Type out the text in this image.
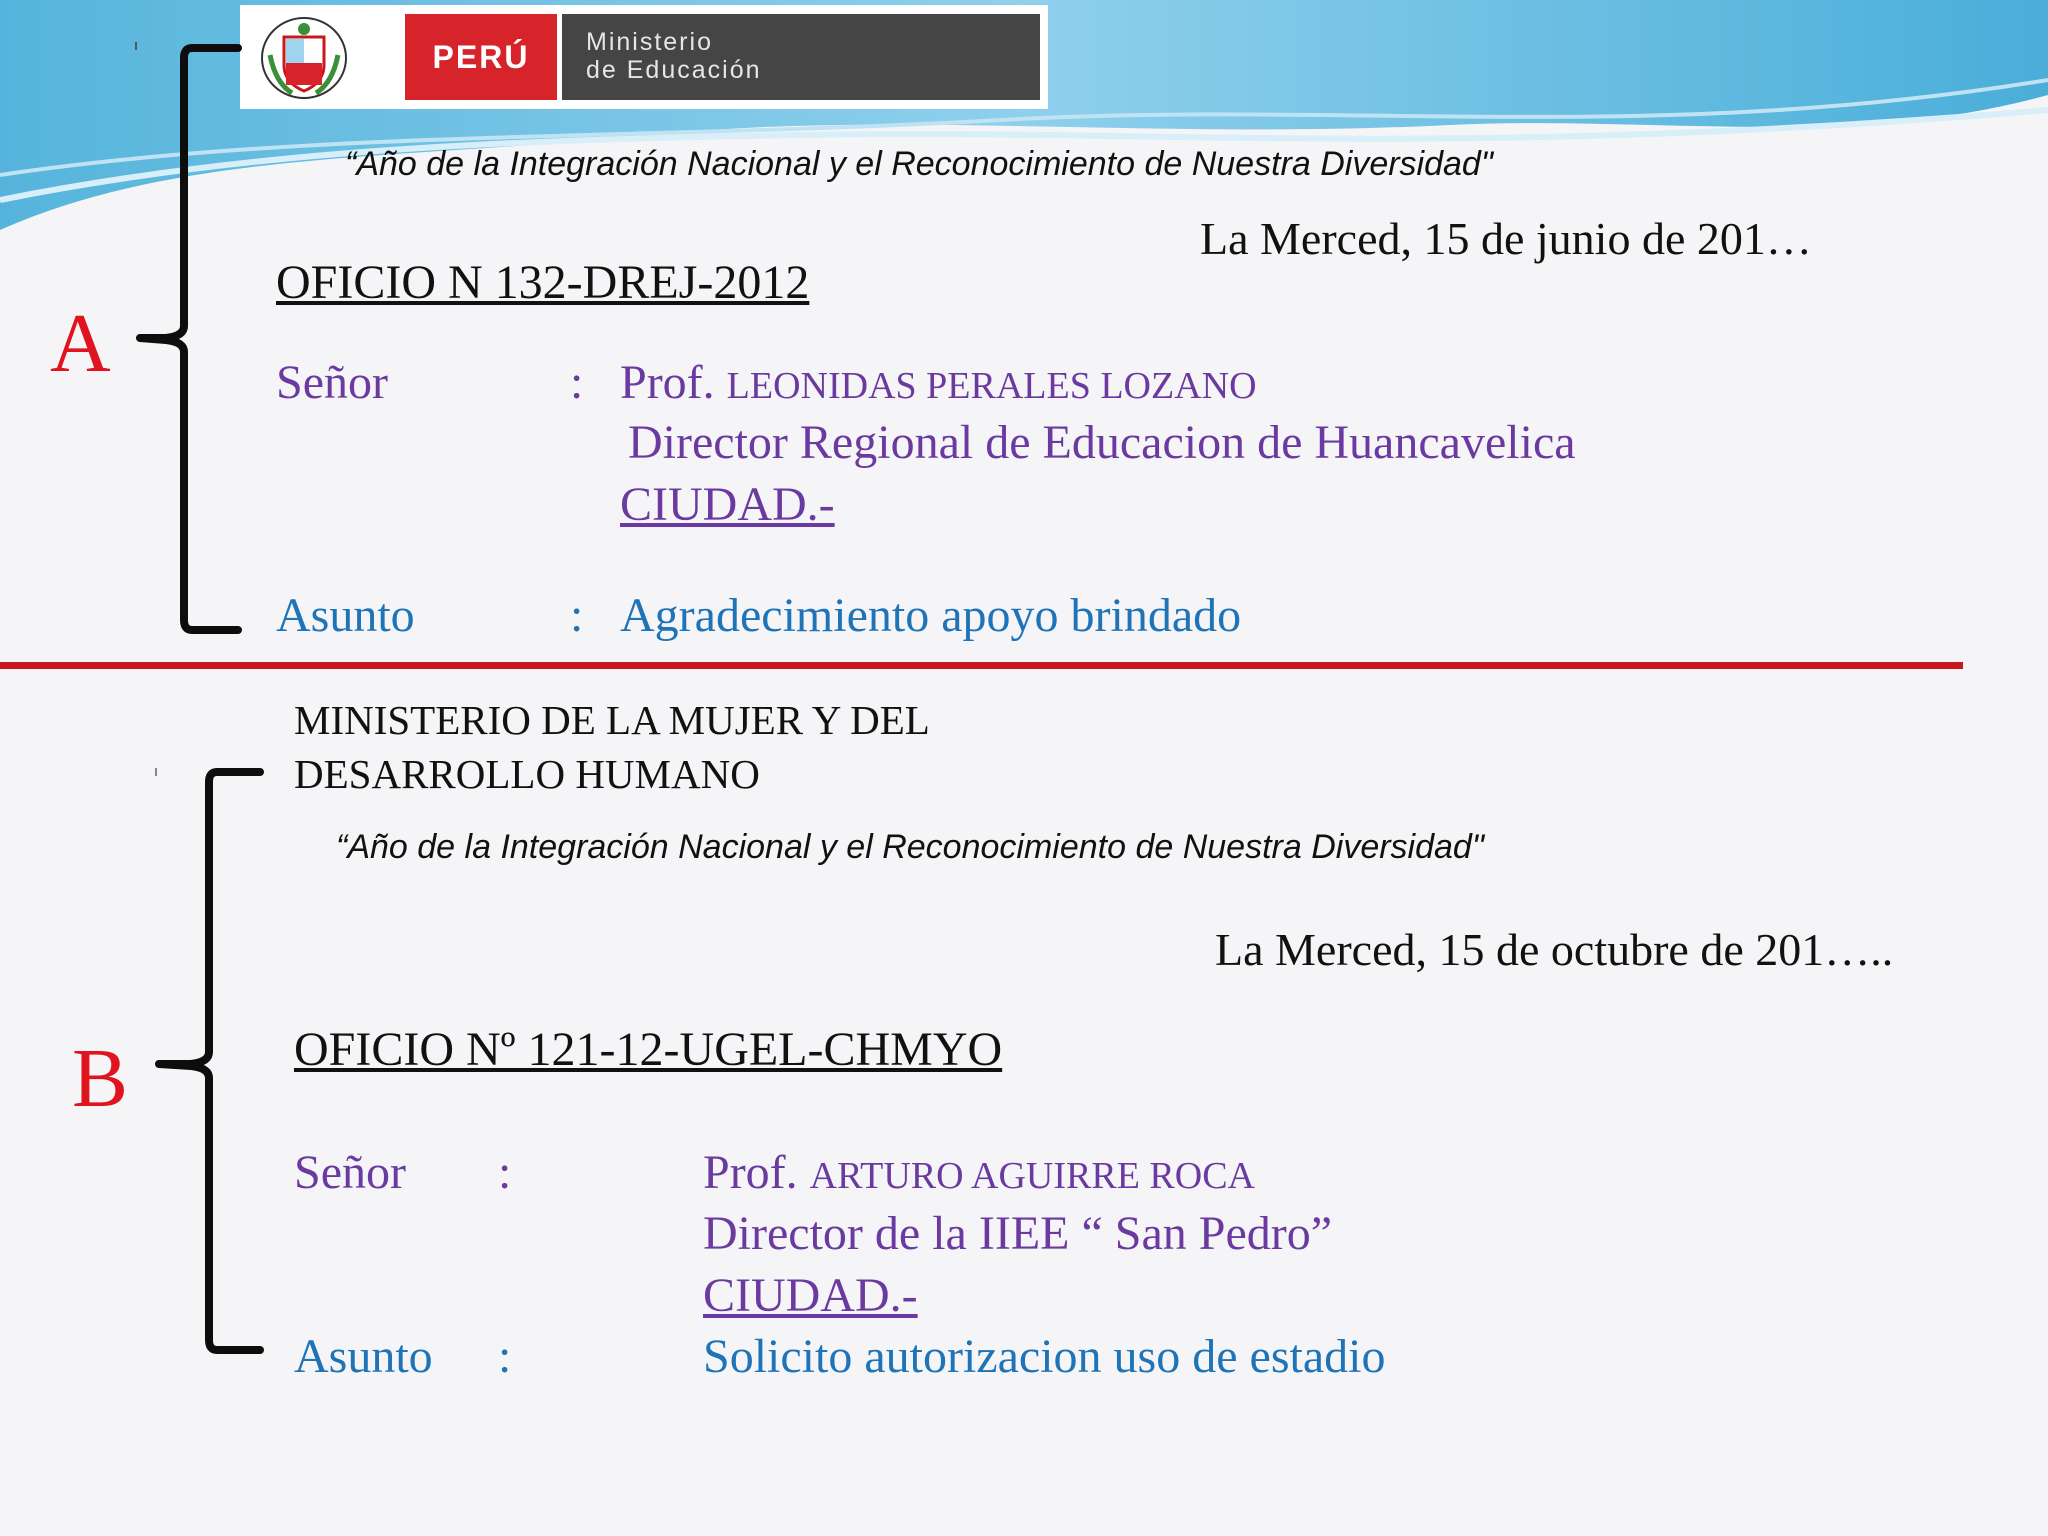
PERÚ	Ministerio
de Educación
A
“Año de la Integración Nacional y el Reconocimiento de Nuestra Diversidad"
La Merced, 15 de junio de 201…
OFICIO N 132-DREJ-2012
Señor	: Prof. LEONIDAS PERALES LOZANO
Director Regional de Educacion de Huancavelica
CIUDAD.-
Asunto	: Agradecimiento apoyo brindado
MINISTERIO DE LA MUJER Y DEL
DESARROLLO HUMANO
B
“Año de la Integración Nacional y el Reconocimiento de Nuestra Diversidad"
La Merced, 15 de octubre de 201…..
OFICIO Nº 121-12-UGEL-CHMYO
Señor :	Prof. ARTURO AGUIRRE ROCA
Director de la IIEE “ San Pedro”
CIUDAD.-
Asunto :	Solicito autorizacion uso de estadio
